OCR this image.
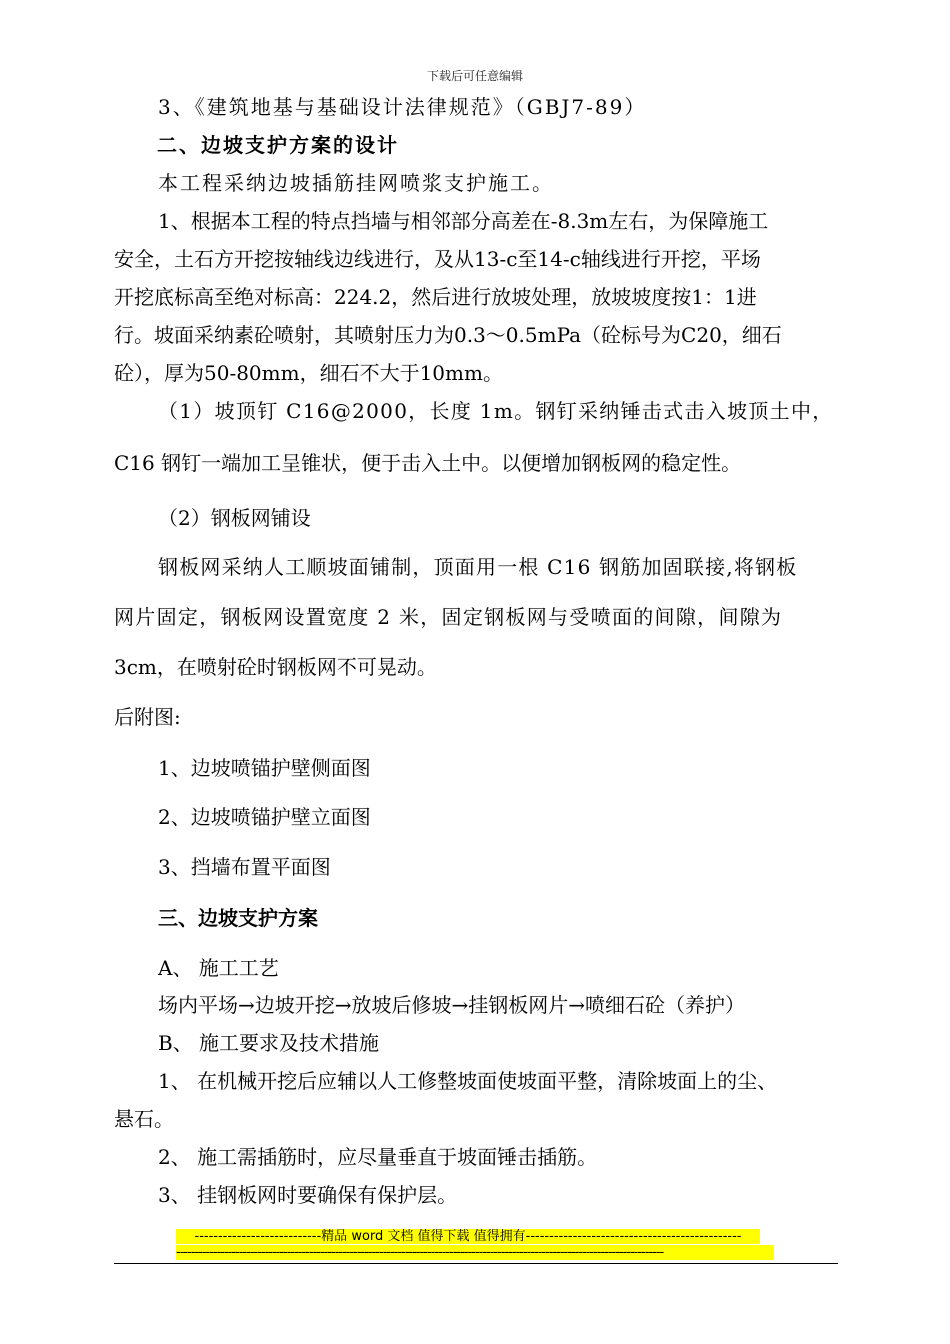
下载后可任意编辑
3、《建筑地基与基础设计法律规范》（GBJ7-89）
二、边坡支护方案的设计
本工程采纳边坡插筋挂网喷浆支护施工。
1、根据本工程的特点挡墙与相邻部分高差在-8.3m左右，为保障施工
安全，土石方开挖按轴线边线进行，及从13-c至14-c轴线进行开挖，平场
开挖底标高至绝对标高：224.2，然后进行放坡处理，放坡坡度按1：1进
行。坡面采纳素砼喷射，其喷射压力为0.3～0.5mPa（砼标号为C20，细石
砼），厚为50-80mm，细石不大于10mm。
（1）坡顶钉 C16@2000，长度 1m。钢钉采纳锤击式击入坡顶土中，
C16 钢钉一端加工呈锥状，便于击入土中。以便增加钢板网的稳定性。
（2）钢板网铺设
钢板网采纳人工顺坡面铺制，顶面用一根 C16 钢筋加固联接,将钢板
网片固定，钢板网设置宽度 2 米，固定钢板网与受喷面的间隙，间隙为
3cm，在喷射砼时钢板网不可晃动。
后附图:
1、边坡喷锚护壁侧面图
2、边坡喷锚护壁立面图
3、挡墙布置平面图
三、边坡支护方案
A、 施工工艺
场内平场→边坡开挖→放坡后修坡→挂钢板网片→喷细石砼（养护）
B、 施工要求及技术措施
1、 在机械开挖后应辅以人工修整坡面使坡面平整，清除坡面上的尘、
悬石。
2、 施工需插筋时，应尽量垂直于坡面锤击插筋。
3、 挂钢板网时要确保有保护层。
---------------------------精品 word 文档 值得下载 值得拥有----------------------------------------------
------------------------------------------------------------------------------------------------------------------------------------
